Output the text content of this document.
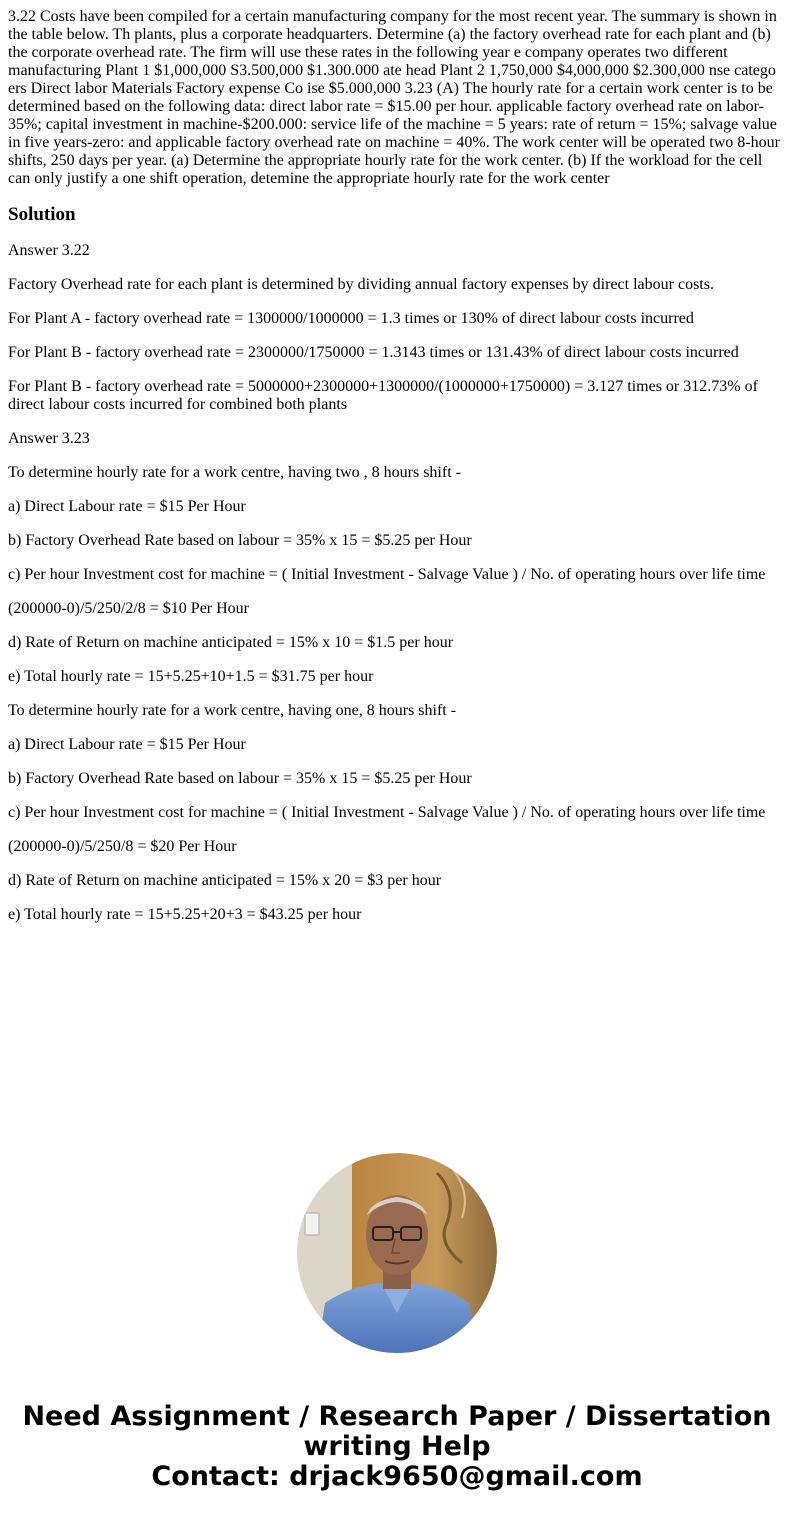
3.22 Costs have been compiled for a certain manufacturing company for the most recent year. The summary is shown in the table below. Th plants, plus a corporate headquarters. Determine (a) the factory overhead rate for each plant and (b) the corporate overhead rate. The firm will use these rates in the following year e company operates two different manufacturing Plant 1 $1,000,000 S3.500,000 $1.300.000 ate head Plant 2 1,750,000 $4,000,000 $2.300,000 nse catego ers Direct labor Materials Factory expense Co ise $5.000,000 3.23 (A) The hourly rate for a certain work center is to be determined based on the following data: direct labor rate = $15.00 per hour. applicable factory overhead rate on labor-35%; capital investment in machine-$200.000: service life of the machine = 5 years: rate of return = 15%; salvage value in five years-zero: and applicable factory overhead rate on machine = 40%. The work center will be operated two 8-hour shifts, 250 days per year. (a) Determine the appropriate hourly rate for the work center. (b) If the workload for the cell can only justify a one shift operation, detemine the appropriate hourly rate for the work center
Solution

Answer 3.22

Factory Overhead rate for each plant is determined by dividing annual factory expenses by direct labour costs.

For Plant A - factory overhead rate = 1300000/1000000 = 1.3 times or 130% of direct labour costs incurred

For Plant B - factory overhead rate = 2300000/1750000 = 1.3143 times or 131.43% of direct labour costs incurred

For Plant B - factory overhead rate = 5000000+2300000+1300000/(1000000+1750000) = 3.127 times or 312.73% of direct labour costs incurred for combined both plants

Answer 3.23

To determine hourly rate for a work centre, having two , 8 hours shift -

a) Direct Labour rate = $15 Per Hour

b) Factory Overhead Rate based on labour = 35% x 15 = $5.25 per Hour

c) Per hour Investment cost for machine = ( Initial Investment - Salvage Value ) / No. of operating hours over life time

(200000-0)/5/250/2/8 = $10 Per Hour

d) Rate of Return on machine anticipated = 15% x 10 = $1.5 per hour

e) Total hourly rate = 15+5.25+10+1.5 = $31.75 per hour

To determine hourly rate for a work centre, having one, 8 hours shift -

a) Direct Labour rate = $15 Per Hour

b) Factory Overhead Rate based on labour = 35% x 15 = $5.25 per Hour

c) Per hour Investment cost for machine = ( Initial Investment - Salvage Value ) / No. of operating hours over life time

(200000-0)/5/250/8 = $20 Per Hour

d) Rate of Return on machine anticipated = 15% x 20 = $3 per hour

e) Total hourly rate = 15+5.25+20+3 = $43.25 per hour

Need Assignment / Research Paper / Dissertation
writing Help
Contact: drjack9650@gmail.com
